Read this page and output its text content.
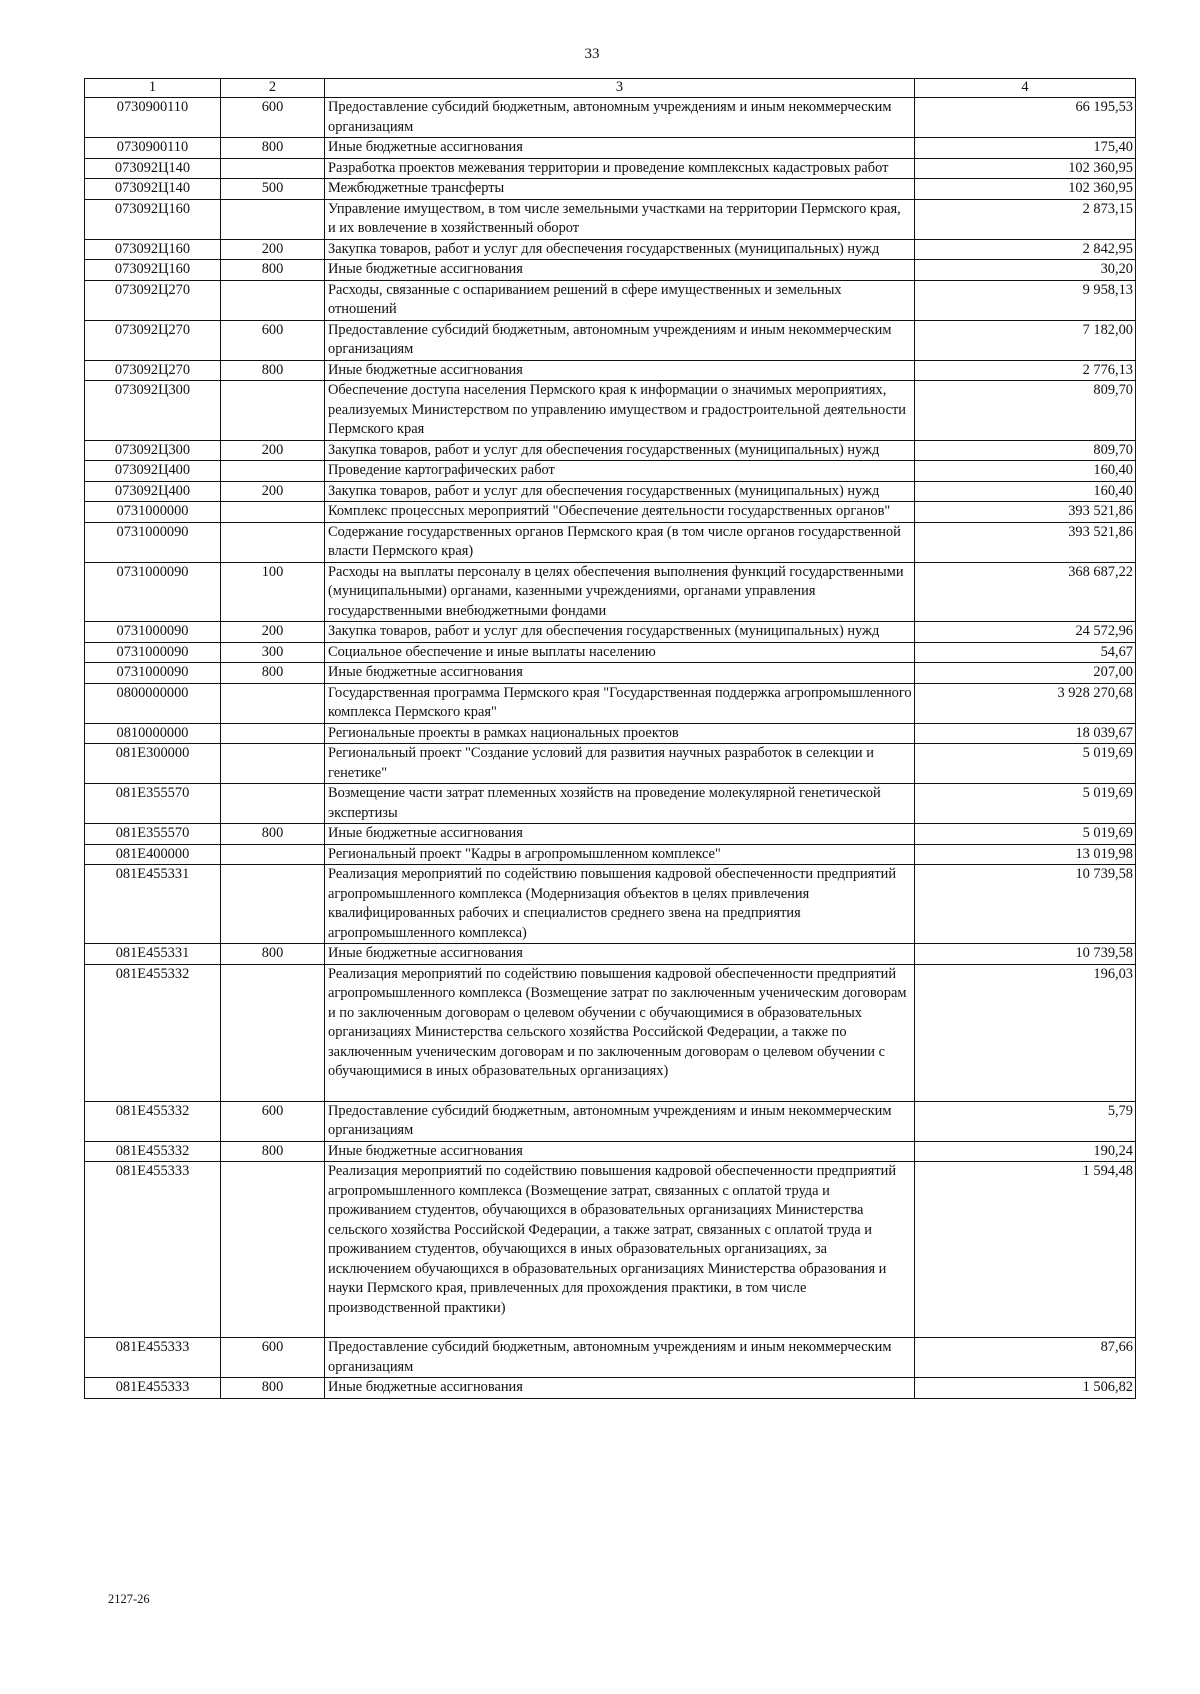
33
1	2	3	4
0730900110	600	Предоставление субсидий бюджетным, автономным учреждениям и иным некоммерческим организациям	66 195,53
0730900110	800	Иные бюджетные ассигнования	175,40
073092Ц140		Разработка проектов межевания территории и проведение комплексных кадастровых работ	102 360,95
073092Ц140	500	Межбюджетные трансферты	102 360,95
073092Ц160		Управление имуществом, в том числе земельными участками на территории Пермского края, и их вовлечение в хозяйственный оборот	2 873,15
073092Ц160	200	Закупка товаров, работ и услуг для обеспечения государственных (муниципальных) нужд	2 842,95
073092Ц160	800	Иные бюджетные ассигнования	30,20
073092Ц270		Расходы, связанные с оспариванием решений в сфере имущественных и земельных отношений	9 958,13
073092Ц270	600	Предоставление субсидий бюджетным, автономным учреждениям и иным некоммерческим организациям	7 182,00
073092Ц270	800	Иные бюджетные ассигнования	2 776,13
073092Ц300		Обеспечение доступа населения Пермского края к информации о значимых мероприятиях, реализуемых Министерством по управлению имуществом и градостроительной деятельности Пермского края	809,70
073092Ц300	200	Закупка товаров, работ и услуг для обеспечения государственных (муниципальных) нужд	809,70
073092Ц400		Проведение картографических работ	160,40
073092Ц400	200	Закупка товаров, работ и услуг для обеспечения государственных (муниципальных) нужд	160,40
0731000000		Комплекс процессных мероприятий "Обеспечение деятельности государственных органов"	393 521,86
0731000090		Содержание государственных органов Пермского края (в том числе органов государственной власти Пермского края)	393 521,86
0731000090	100	Расходы на выплаты персоналу в целях обеспечения выполнения функций государственными (муниципальными) органами, казенными учреждениями, органами управления государственными внебюджетными фондами	368 687,22
0731000090	200	Закупка товаров, работ и услуг для обеспечения государственных (муниципальных) нужд	24 572,96
0731000090	300	Социальное обеспечение и иные выплаты населению	54,67
0731000090	800	Иные бюджетные ассигнования	207,00
0800000000		Государственная программа Пермского края "Государственная поддержка агропромышленного комплекса Пермского края"	3 928 270,68
0810000000		Региональные проекты в рамках национальных проектов	18 039,67
081Е300000		Региональный проект "Создание условий для развития научных разработок в селекции и генетике"	5 019,69
081Е355570		Возмещение части затрат племенных хозяйств на проведение молекулярной генетической экспертизы	5 019,69
081Е355570	800	Иные бюджетные ассигнования	5 019,69
081Е400000		Региональный проект "Кадры в агропромышленном комплексе"	13 019,98
081Е455331		Реализация мероприятий по содействию повышения кадровой обеспеченности предприятий агропромышленного комплекса (Модернизация объектов в целях привлечения квалифицированных рабочих и специалистов среднего звена на предприятия агропромышленного комплекса)	10 739,58
081Е455331	800	Иные бюджетные ассигнования	10 739,58
081Е455332		Реализация мероприятий по содействию повышения кадровой обеспеченности предприятий агропромышленного комплекса (Возмещение затрат по заключенным ученическим договорам и по заключенным договорам о целевом обучении с обучающимися в образовательных организациях Министерства сельского хозяйства Российской Федерации, а также по заключенным ученическим договорам и по заключенным договорам о целевом обучении с обучающимися в иных образовательных организациях)	196,03
081Е455332	600	Предоставление субсидий бюджетным, автономным учреждениям и иным некоммерческим организациям	5,79
081Е455332	800	Иные бюджетные ассигнования	190,24
081Е455333		Реализация мероприятий по содействию повышения кадровой обеспеченности предприятий агропромышленного комплекса (Возмещение затрат, связанных с оплатой труда и проживанием студентов, обучающихся в образовательных организациях Министерства сельского хозяйства Российской Федерации, а также затрат, связанных с оплатой труда и проживанием студентов, обучающихся в иных образовательных организациях, за исключением обучающихся в образовательных организациях Министерства образования и науки Пермского края, привлеченных для прохождения практики, в том числе производственной практики)	1 594,48
081Е455333	600	Предоставление субсидий бюджетным, автономным учреждениям и иным некоммерческим организациям	87,66
081Е455333	800	Иные бюджетные ассигнования	1 506,82
2127-26
